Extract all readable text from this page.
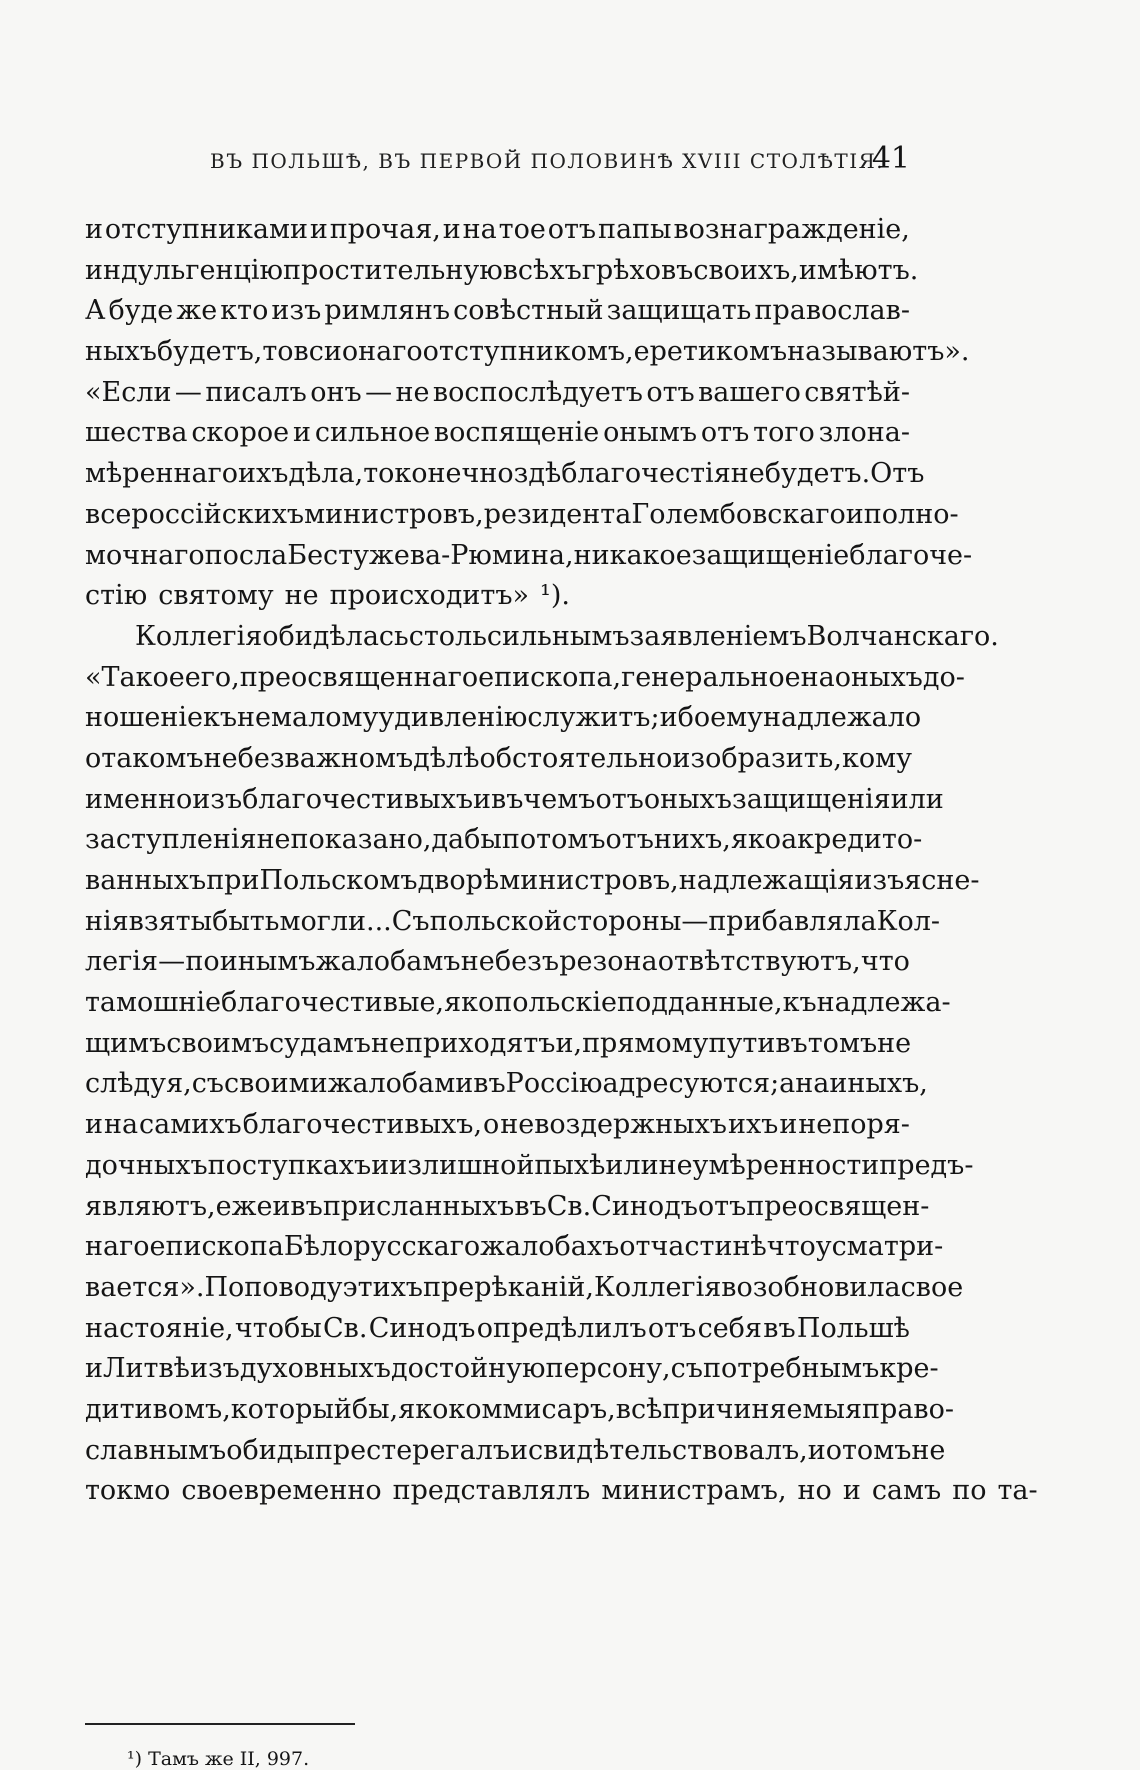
ВЪ ПОЛЬШѢ, ВЪ ПЕРВОЙ ПОЛОВИНѢ XVIII СТОЛѢТІЯ.
41
и отступниками и прочая, и на тое отъ папы вознагражденіе,
индульгенцію простительную всѣхъ грѣховъ своихъ, имѣютъ.
А буде же кто изъ римлянъ совѣстный защищать православ-
ныхъ будетъ, то вси онаго отступникомъ, еретикомъ называютъ».
«Если — писалъ онъ — не воспослѣдуетъ отъ вашего святѣй-
шества скорое и сильное воспященіе онымъ отъ того злона-
мѣреннаго ихъ дѣла, то конечно здѣ благочестія не будетъ. Отъ
всероссійскихъ министровъ, резидента Голембовскаго и полно-
мочнаго посла Бестужева-Рюмина, никакое защищеніе благоче-
стію святому не происходитъ» ¹).
Коллегія обидѣлась столь сильнымъ заявленіемъ Волчанскаго.
«Такое его, преосвященнаго епископа, генеральное на оныхъ до-
ношеніе къ немалому удивленію служитъ; ибо ему надлежало
о такомъ небезважномъ дѣлѣ обстоятельно изобразить, кому
именно изъ благочестивыхъ и въ чемъ отъ оныхъ защищенія или
заступленія не показано, дабы потомъ отъ нихъ, яко акредито-
ванныхъ при Польскомъ дворѣ министровъ, надлежащія изъясне-
нія взяты быть могли... Съ польской стороны — прибавляла Кол-
легія — по инымъ жалобамъ не безъ резона отвѣтствуютъ, что
тамошніе благочестивые, яко польскіе подданные, къ надлежа-
щимъ своимъ судамъ не приходятъ и, прямому пути въ томъ не
слѣдуя, съ своими жалобами въ Россію адресуются; а на иныхъ,
и на самихъ благочестивыхъ, о невоздержныхъ ихъ и непоря-
дочныхъ поступкахъ и излишной пыхѣ или неумѣренности предъ-
являютъ, еже и въ присланныхъ въ Св. Синодъ отъ преосвящен-
наго епископа Бѣлорусскаго жалобахъ отчасти нѣчто усматри-
вается». По поводу этихъ прерѣканій, Коллегія возобновила свое
настояніе, чтобы Св. Синодъ опредѣлилъ отъ себя въ Польшѣ
и Литвѣ изъ духовныхъ достойную персону, съ потребнымъ кре-
дитивомъ, который бы, яко коммисаръ, всѣ причиняемыя право-
славнымъ обиды престерегалъ и свидѣтельствовалъ, и о томъ не
токмо своевременно представлялъ министрамъ, но и самъ по та-
¹) Тамъ же II, 997.
